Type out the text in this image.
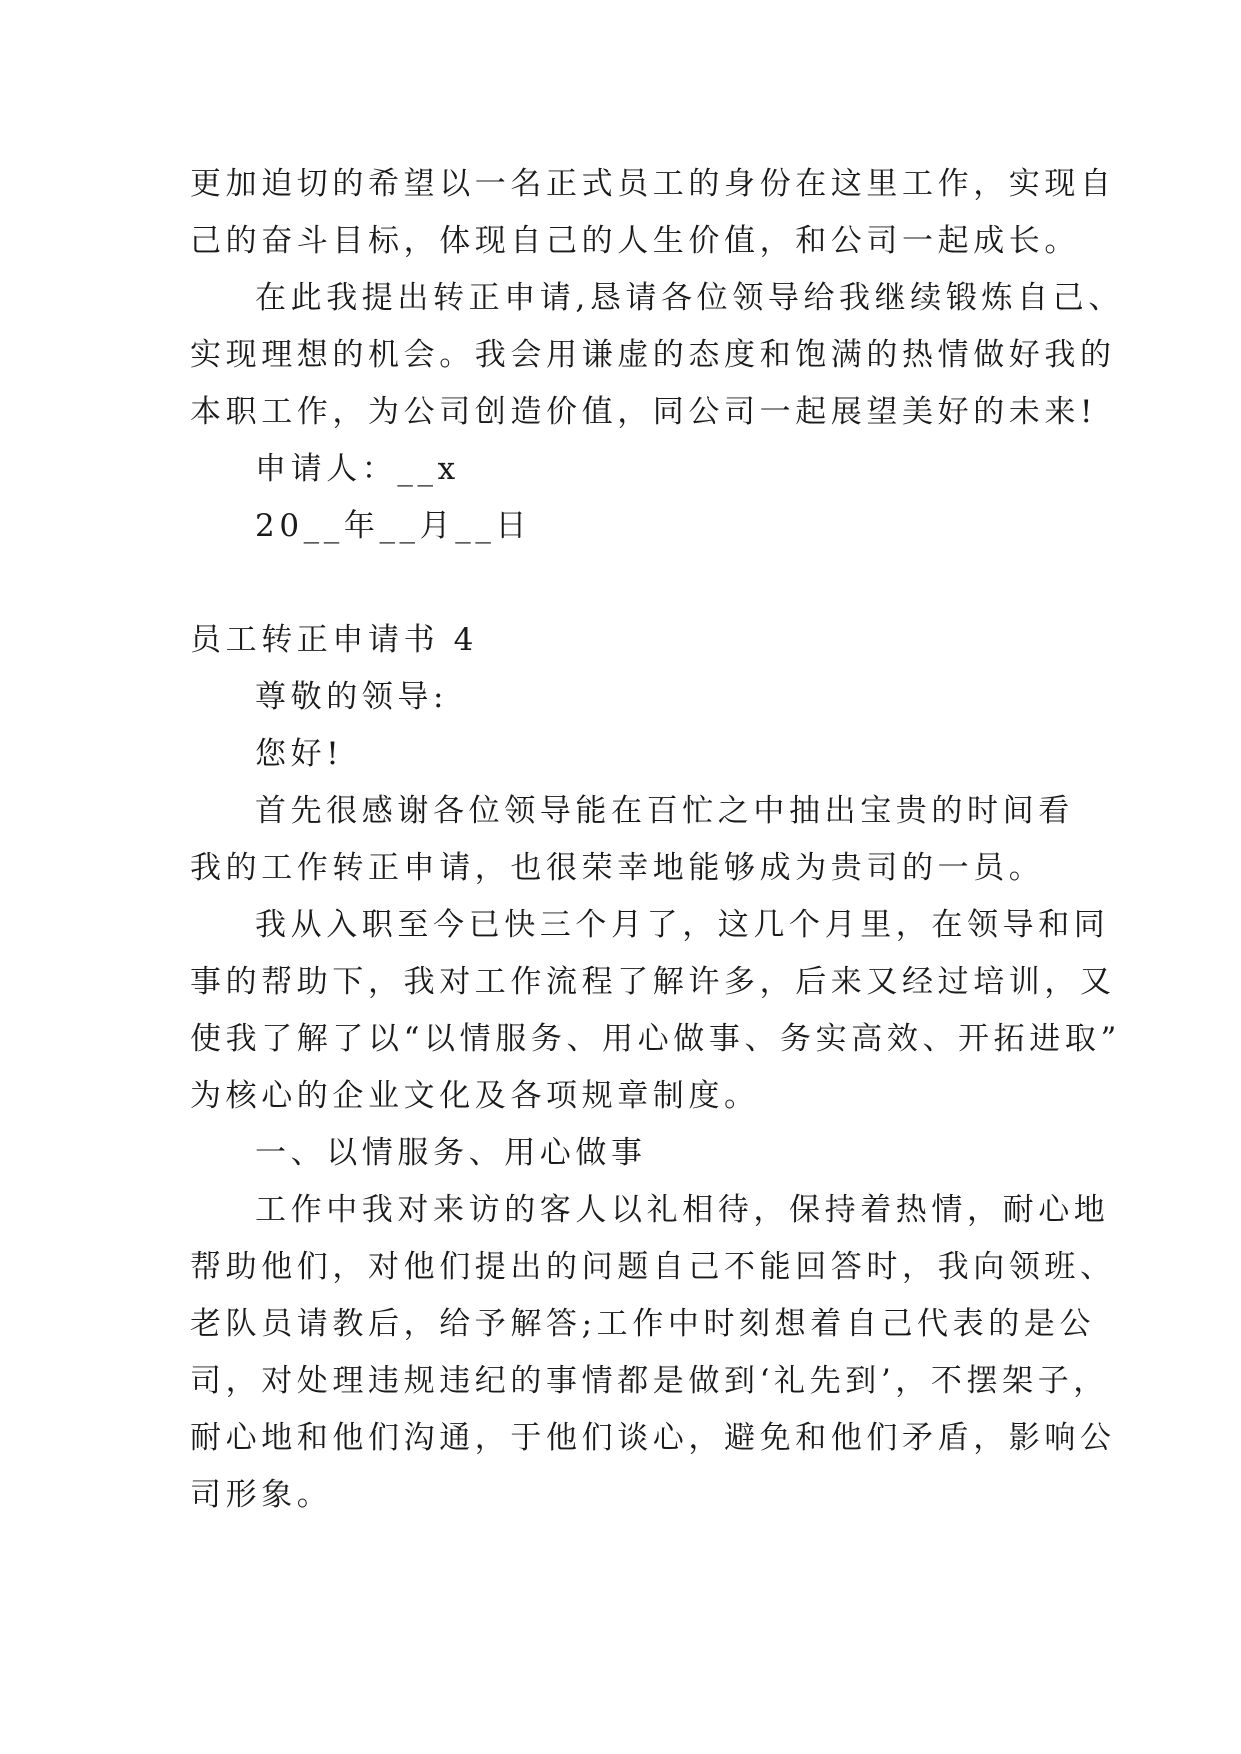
更加迫切的希望以一名正式员工的身份在这里工作，实现自
己的奋斗目标，体现自己的人生价值，和公司一起成长。
在此我提出转正申请,恳请各位领导给我继续锻炼自己、
实现理想的机会。我会用谦虚的态度和饱满的热情做好我的
本职工作，为公司创造价值，同公司一起展望美好的未来!
申请人：__x
20__年__月__日
员工转正申请书 4
尊敬的领导:
您好!
首先很感谢各位领导能在百忙之中抽出宝贵的时间看
我的工作转正申请，也很荣幸地能够成为贵司的一员。
我从入职至今已快三个月了，这几个月里，在领导和同
事的帮助下，我对工作流程了解许多，后来又经过培训，又
使我了解了以“以情服务、用心做事、务实高效、开拓进取”
为核心的企业文化及各项规章制度。
一、以情服务、用心做事
工作中我对来访的客人以礼相待，保持着热情，耐心地
帮助他们，对他们提出的问题自己不能回答时，我向领班、
老队员请教后，给予解答;工作中时刻想着自己代表的是公
司，对处理违规违纪的事情都是做到‘礼先到’，不摆架子，
耐心地和他们沟通，于他们谈心，避免和他们矛盾，影响公
司形象。
